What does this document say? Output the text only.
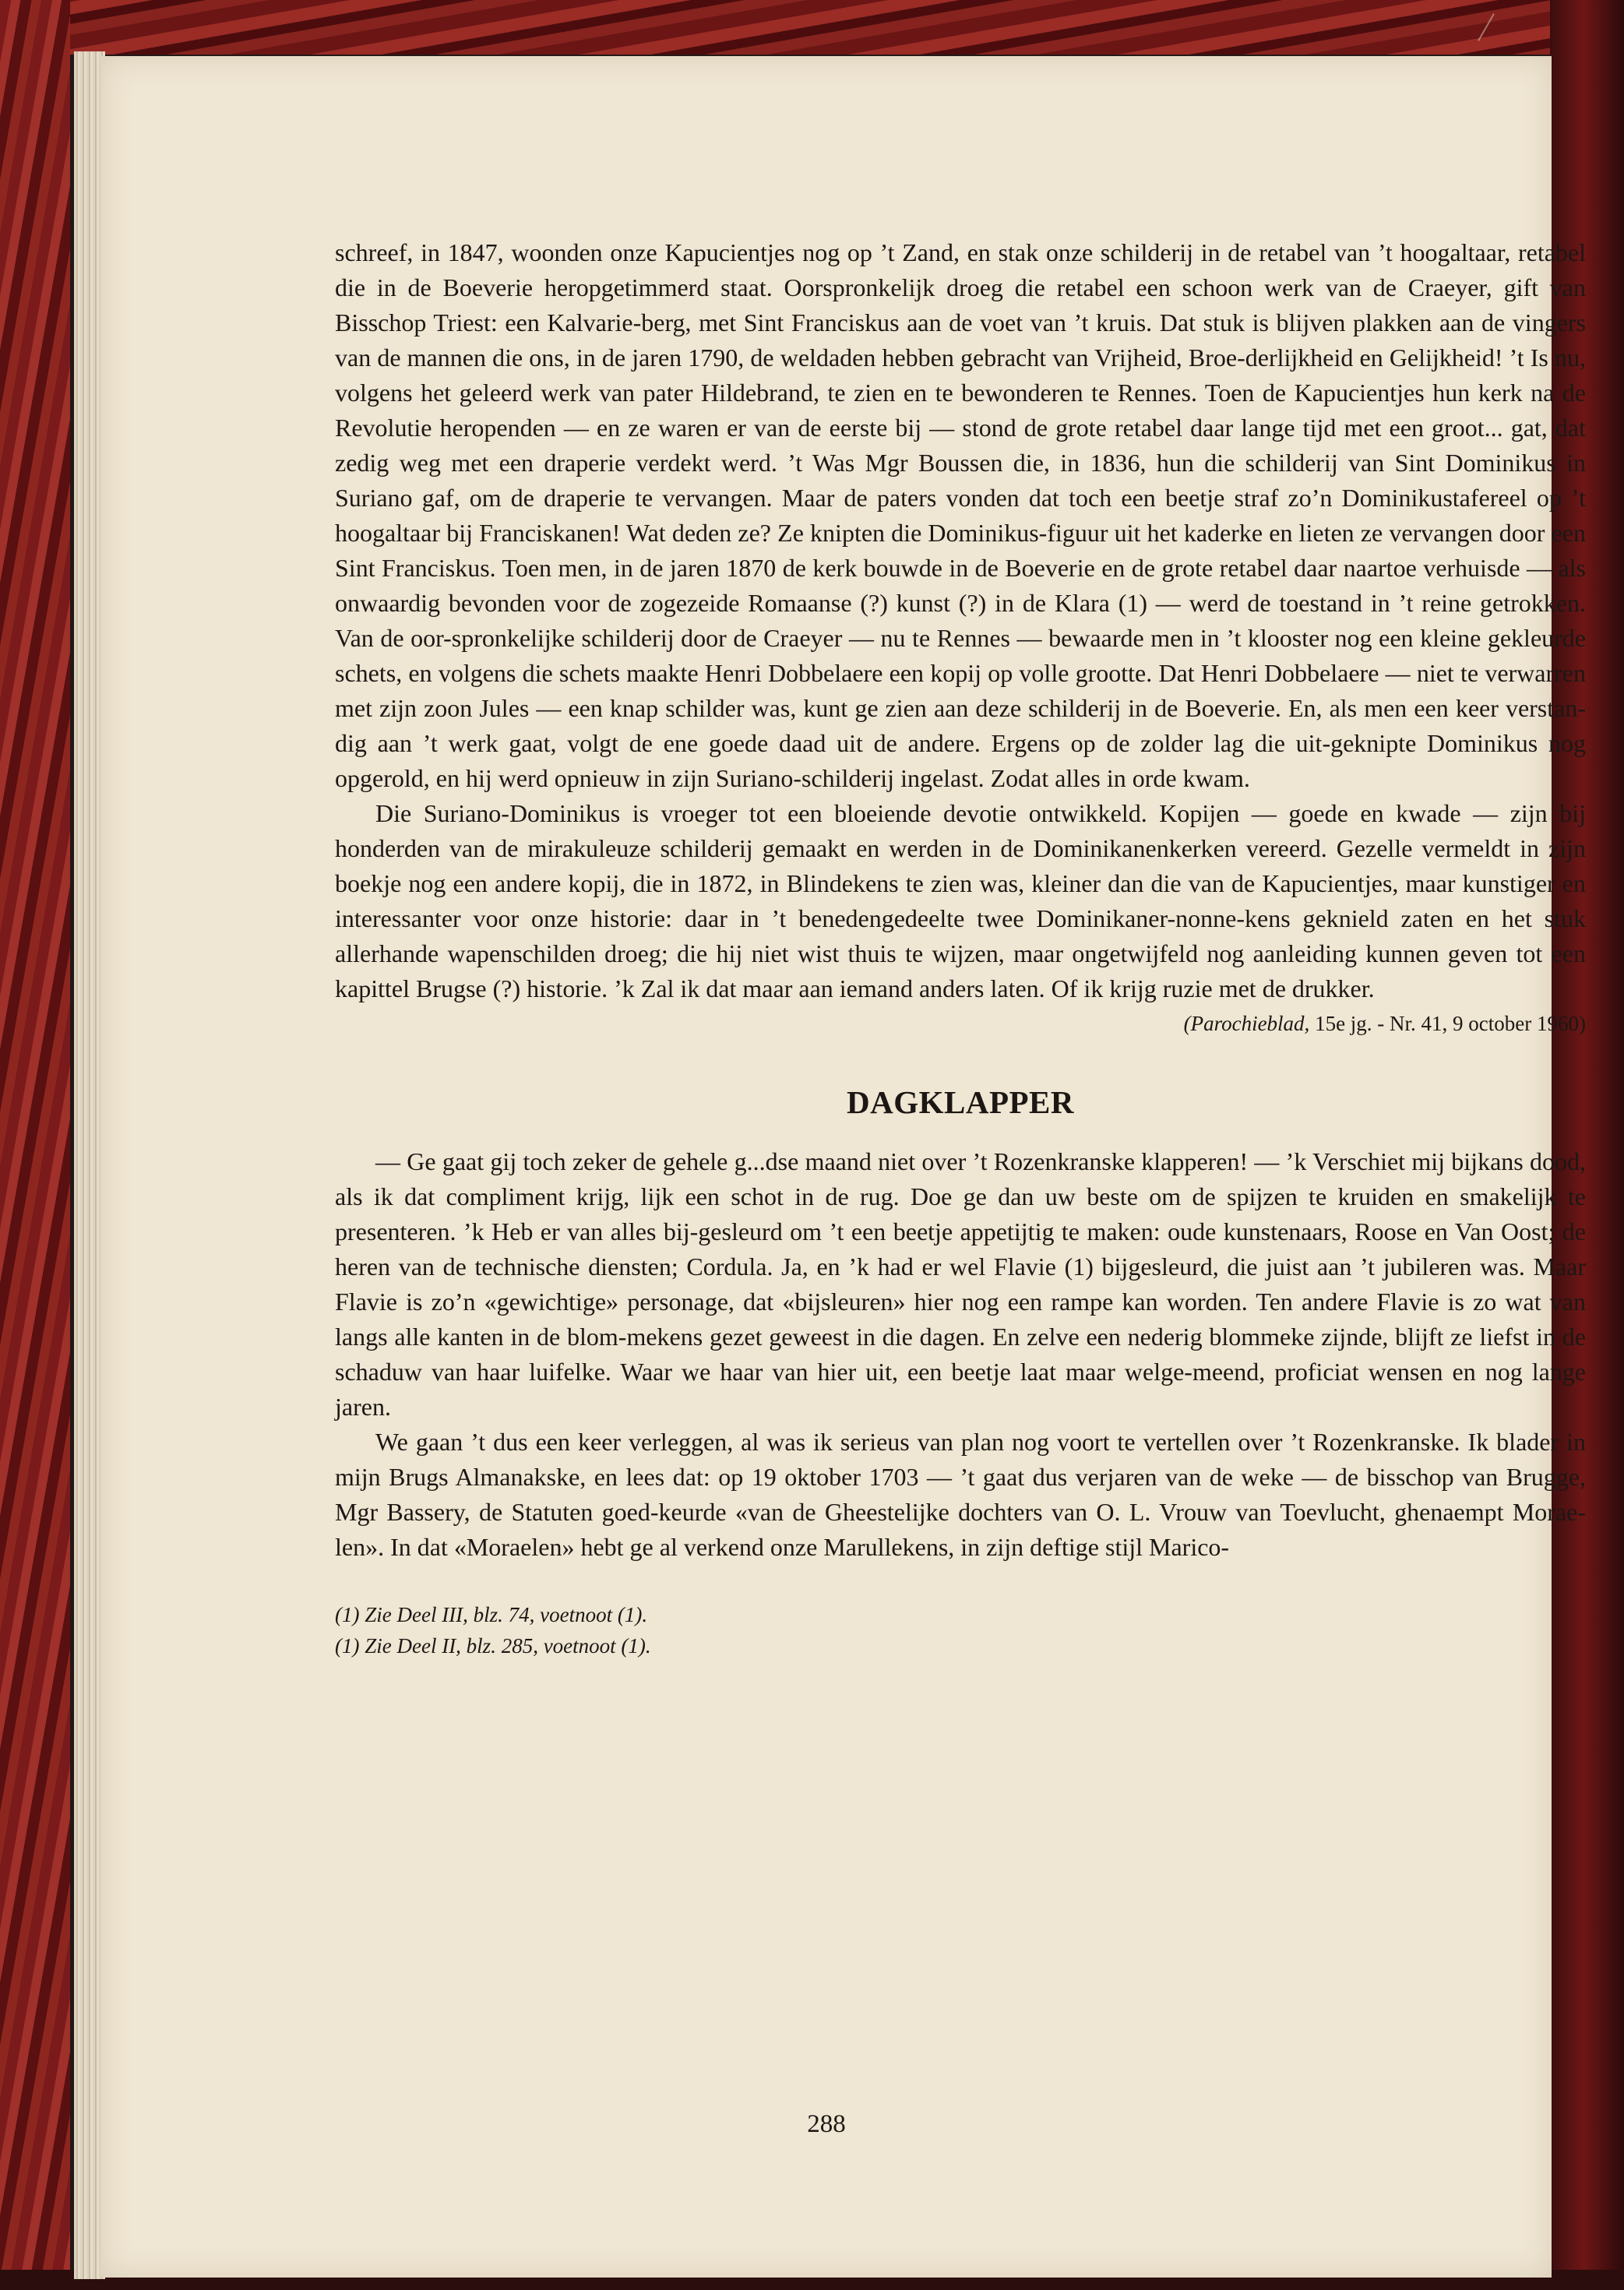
schreef, in 1847, woonden onze Kapucientjes nog op ’t Zand, en stak onze schilderij in de retabel van ’t hoogaltaar, retabel die in de Boeverie heropgetimmerd staat. Oorspronkelijk droeg die retabel een schoon werk van de Craeyer, gift van Bisschop Triest: een Kalvarie-berg, met Sint Franciskus aan de voet van ’t kruis. Dat stuk is blijven plakken aan de vingers van de mannen die ons, in de jaren 1790, de weldaden hebben gebracht van Vrijheid, Broe-derlijkheid en Gelijkheid! ’t Is nu, volgens het geleerd werk van pater Hildebrand, te zien en te bewonderen te Rennes. Toen de Kapucientjes hun kerk na de Revolutie heropenden — en ze waren er van de eerste bij — stond de grote retabel daar lange tijd met een groot... gat, dat zedig weg met een draperie verdekt werd. ’t Was Mgr Boussen die, in 1836, hun die schilderij van Sint Dominikus in Suriano gaf, om de draperie te vervangen. Maar de paters vonden dat toch een beetje straf zo’n Dominikustafereel op ’t hoogaltaar bij Franciskanen! Wat deden ze? Ze knipten die Dominikus-figuur uit het kaderke en lieten ze vervangen door een Sint Franciskus. Toen men, in de jaren 1870 de kerk bouwde in de Boeverie en de grote retabel daar naartoe verhuisde — als onwaardig bevonden voor de zogezeide Romaanse (?) kunst (?) in de Klara (1) — werd de toestand in ’t reine getrokken. Van de oor-spronkelijke schilderij door de Craeyer — nu te Rennes — bewaarde men in ’t klooster nog een kleine gekleurde schets, en volgens die schets maakte Henri Dobbelaere een kopij op volle grootte. Dat Henri Dobbelaere — niet te verwarren met zijn zoon Jules — een knap schilder was, kunt ge zien aan deze schilderij in de Boeverie. En, als men een keer verstan-dig aan ’t werk gaat, volgt de ene goede daad uit de andere. Ergens op de zolder lag die uit-geknipte Dominikus nog opgerold, en hij werd opnieuw in zijn Suriano-schilderij ingelast. Zodat alles in orde kwam.

Die Suriano-Dominikus is vroeger tot een bloeiende devotie ontwikkeld. Kopijen — goede en kwade — zijn bij honderden van de mirakuleuze schilderij gemaakt en werden in de Dominikanenkerken vereerd. Gezelle vermeldt in zijn boekje nog een andere kopij, die in 1872, in Blindekens te zien was, kleiner dan die van de Kapucientjes, maar kunstiger en interessanter voor onze historie: daar in ’t benedengedeelte twee Dominikaner-nonne-kens geknield zaten en het stuk allerhande wapenschilden droeg; die hij niet wist thuis te wijzen, maar ongetwijfeld nog aanleiding kunnen geven tot een kapittel Brugse (?) historie. ’k Zal ik dat maar aan iemand anders laten. Of ik krijg ruzie met de drukker.

(Parochieblad, 15e jg. - Nr. 41, 9 october 1960)

DAGKLAPPER

— Ge gaat gij toch zeker de gehele g...dse maand niet over ’t Rozenkranske klapperen! — ’k Verschiet mij bijkans dood, als ik dat compliment krijg, lijk een schot in de rug. Doe ge dan uw beste om de spijzen te kruiden en smakelijk te presenteren. ’k Heb er van alles bij-gesleurd om ’t een beetje appetijtig te maken: oude kunstenaars, Roose en Van Oost; de heren van de technische diensten; Cordula. Ja, en ’k had er wel Flavie (1) bijgesleurd, die juist aan ’t jubileren was. Maar Flavie is zo’n «gewichtige» personage, dat «bijsleuren» hier nog een rampe kan worden. Ten andere Flavie is zo wat van langs alle kanten in de blom-mekens gezet geweest in die dagen. En zelve een nederig blommeke zijnde, blijft ze liefst in de schaduw van haar luifelke. Waar we haar van hier uit, een beetje laat maar welge-meend, proficiat wensen en nog lange jaren.

We gaan ’t dus een keer verleggen, al was ik serieus van plan nog voort te vertellen over ’t Rozenkranske. Ik blader in mijn Brugs Almanakske, en lees dat: op 19 oktober 1703 — ’t gaat dus verjaren van de weke — de bisschop van Brugge, Mgr Bassery, de Statuten goed-keurde «van de Gheestelijke dochters van O. L. Vrouw van Toevlucht, ghenaempt Morae-len». In dat «Moraelen» hebt ge al verkend onze Marullekens, in zijn deftige stijl Marico-

(1) Zie Deel III, blz. 74, voetnoot (1).

(1) Zie Deel II, blz. 285, voetnoot (1).

288
